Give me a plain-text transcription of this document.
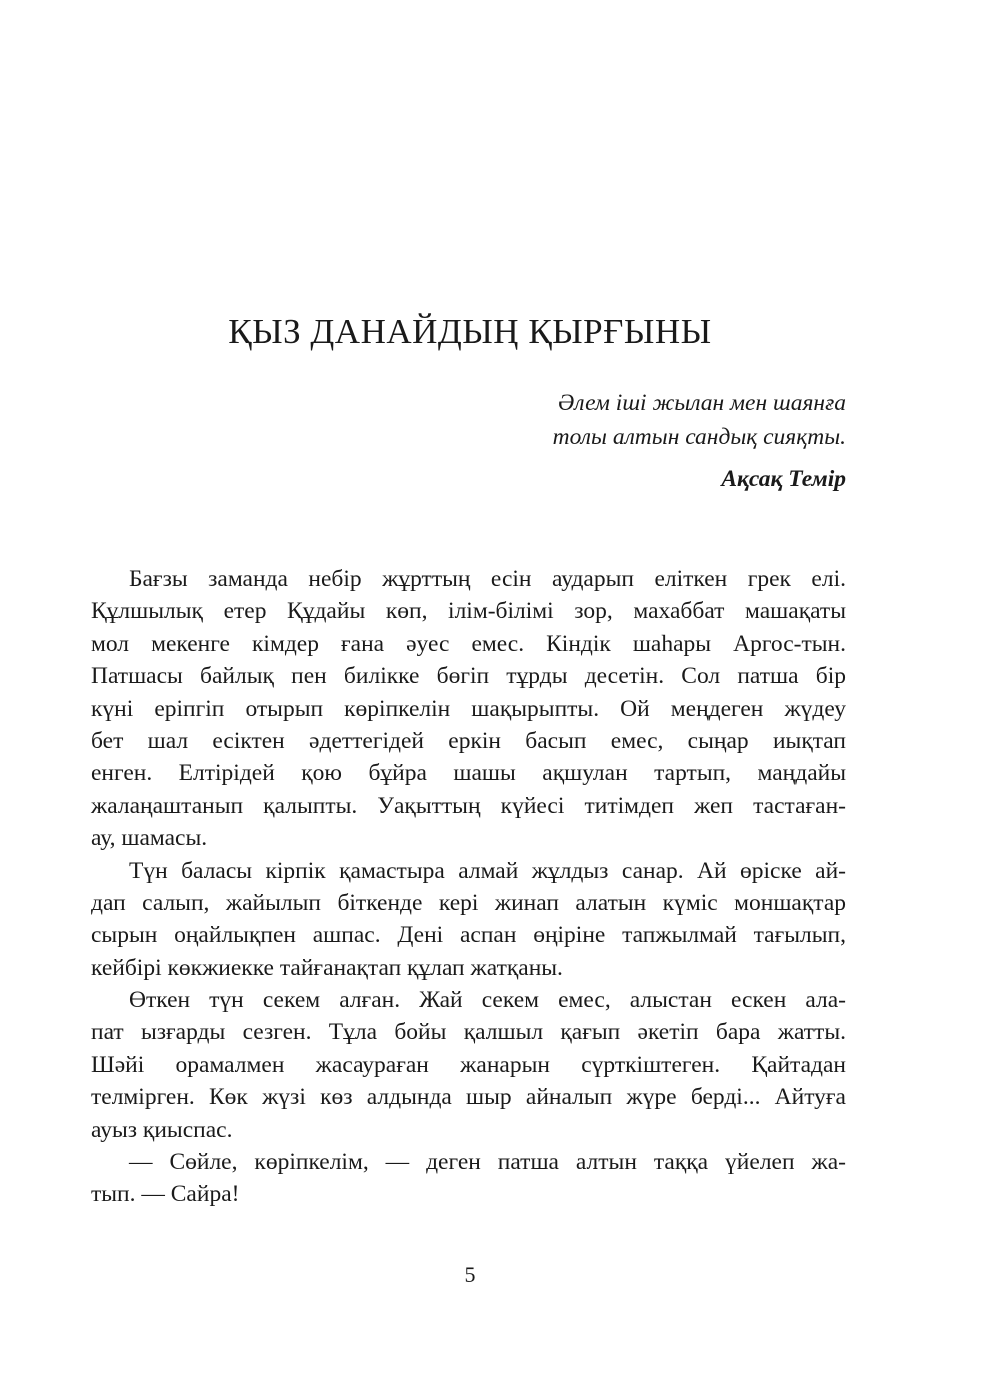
ҚЫЗ ДАНАЙДЫҢ ҚЫРҒЫНЫ
Әлем іші жылан мен шаянға
толы алтын сандық сияқты.
Ақсақ Темір
Бағзы заманда небір жұрттың есін аударып еліткен грек елі.
Құлшылық етер Құдайы көп, ілім-білімі зор, махаббат машақаты
мол мекенге кімдер ғана әуес емес. Кіндік шаһары Аргос-тын.
Патшасы байлық пен билікке бөгіп тұрды десетін. Сол патша бір
күні еріпгіп отырып көріпкелін шақырыпты. Ой меңдеген жүдеу
бет шал есіктен әдеттегідей еркін басып емес, сыңар иықтап
енген. Елтірідей қою бұйра шашы ақшулан тартып, маңдайы
жалаңаштанып қалыпты. Уақыттың күйесі титімдеп жеп тастаған-
ау, шамасы.
Түн баласы кірпік қамастыра алмай жұлдыз санар. Ай өріске ай-
дап салып, жайылып біткенде кері жинап алатын күміс моншақтар
сырын оңайлықпен ашпас. Дені аспан өңіріне тапжылмай тағылып,
кейбірі көкжиекке тайғанақтап құлап жатқаны.
Өткен түн секем алған. Жай секем емес, алыстан ескен ала-
пат ызғарды сезген. Тұла бойы қалшыл қағып әкетіп бара жатты.
Шәйі орамалмен жасаураған жанарын сүрткіштеген. Қайтадан
телмірген. Көк жүзі көз алдында шыр айналып жүре берді... Айтуға
ауыз қиыспас.
— Сөйле, көріпкелім, — деген патша алтын таққа үйелеп жа-
тып. — Сайра!
5
